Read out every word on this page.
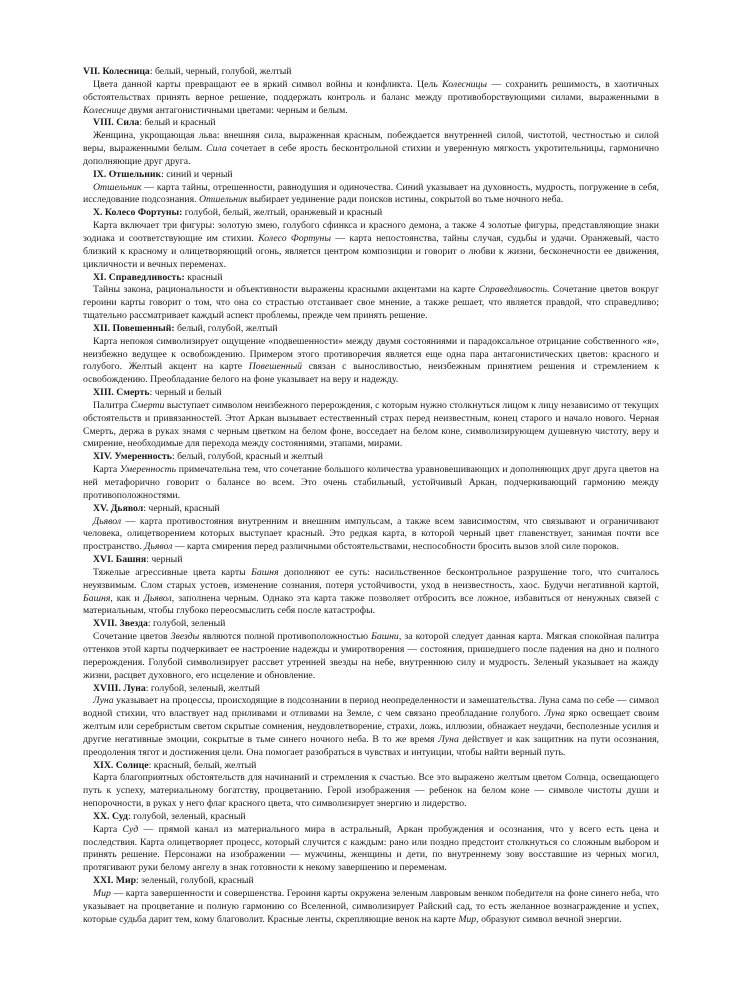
VII. Колесница: белый, черный, голубой, желтый

Цвета данной карты превращают ее в яркий символ войны и конфликта. Цель Колесницы — сохранить решимость, в хаотичных обстоятельствах принять верное решение, поддержать контроль и баланс между противоборствующими силами, выраженными в Колеснице двумя антагонистичными цветами: черным и белым.

VIII. Сила: белый и красный

Женщина, укрощающая льва: внешняя сила, выраженная красным, побеждается внутренней силой, чистотой, честностью и силой веры, выраженными белым. Сила сочетает в себе ярость бесконтрольной стихии и уверенную мягкость укротительницы, гармонично дополняющие друг друга.

IX. Отшельник: синий и черный

Отшельник — карта тайны, отрешенности, равнодушия и одиночества. Синий указывает на духовность, мудрость, погружение в себя, исследование подсознания. Отшельник выбирает уединение ради поисков истины, сокрытой во тьме ночного неба.

X. Колесо Фортуны: голубой, белый, желтый, оранжевый и красный

Карта включает три фигуры: золотую змею, голубого сфинкса и красного демона, а также 4 золотые фигуры, представляющие знаки зодиака и соответствующие им стихии. Колесо Фортуны — карта непостоянства, тайны случая, судьбы и удачи. Оранжевый, часто близкий к красному и олицетворяющий огонь, является центром композиции и говорит о любви к жизни, бесконечности ее движения, цикличности и вечных переменах.

XI. Справедливость: красный

Тайны закона, рациональности и объективности выражены красными акцентами на карте Справедливость. Сочетание цветов вокруг героини карты говорит о том, что она со страстью отстаивает свое мнение, а также решает, что является правдой, что справедливо; тщательно рассматривает каждый аспект проблемы, прежде чем принять решение.

XII. Повешенный: белый, голубой, желтый

Карта непокоя символизирует ощущение «подвешенности» между двумя состояниями и парадоксальное отрицание собственного «я», неизбежно ведущее к освобождению. Примером этого противоречия является еще одна пара антагонистических цветов: красного и голубого. Желтый акцент на карте Повешенный связан с выносливостью, неизбежным принятием решения и стремлением к освобождению. Преобладание белого на фоне указывает на веру и надежду.

XIII. Смерть: черный и белый

Палитра Смерти выступает символом неизбежного перерождения, с которым нужно столкнуться лицом к лицу независимо от текущих обстоятельств и привязанностей. Этот Аркан вызывает естественный страх перед неизвестным, конец старого и начало нового. Черная Смерть, держа в руках знамя с черным цветком на белом фоне, восседает на белом коне, символизирующем душевную чистоту, веру и смирение, необходимые для перехода между состояниями, этапами, мирами.

XIV. Умеренность: белый, голубой, красный и желтый

Карта Умеренность примечательна тем, что сочетание большого количества уравновешивающих и дополняющих друг друга цветов на ней метафорично говорит о балансе во всем. Это очень стабильный, устойчивый Аркан, подчеркивающий гармонию между противоположностями.

XV. Дьявол: черный, красный

Дьявол — карта противостояния внутренним и внешним импульсам, а также всем зависимостям, что связывают и ограничивают человека, олицетворением которых выступает красный. Это редкая карта, в которой черный цвет главенствует, занимая почти все пространство. Дьявол — карта смирения перед различными обстоятельствами, неспособности бросить вызов злой силе пороков.

XVI. Башня: черный

Тяжелые агрессивные цвета карты Башня дополняют ее суть: насильственное бесконтрольное разрушение того, что считалось неуязвимым. Слом старых устоев, изменение сознания, потеря устойчивости, уход в неизвестность, хаос. Будучи негативной картой, Башня, как и Дьявол, заполнена черным. Однако эта карта также позволяет отбросить все ложное, избавиться от ненужных связей с материальным, чтобы глубоко переосмыслить себя после катастрофы.

XVII. Звезда: голубой, зеленый

Сочетание цветов Звезды являются полной противоположностью Башни, за которой следует данная карта. Мягкая спокойная палитра оттенков этой карты подчеркивает ее настроение надежды и умиротворения — состояния, пришедшего после падения на дно и полного перерождения. Голубой символизирует рассвет утренней звезды на небе, внутреннюю силу и мудрость. Зеленый указывает на жажду жизни, расцвет духовного, его исцеление и обновление.

XVIII. Луна: голубой, зеленый, желтый

Луна указывает на процессы, происходящие в подсознании в период неопределенности и замешательства. Луна сама по себе — символ водной стихии, что властвует над приливами и отливами на Земле, с чем связано преобладание голубого. Луна ярко освещает своим желтым или серебристым светом скрытые сомнения, неудовлетворение, страхи, ложь, иллюзии, обнажает неудачи, бесполезные усилия и другие негативные эмоции, сокрытые в тьме синего ночного неба. В то же время Луна действует и как защитник на пути осознания, преодоления тягот и достижения цели. Она помогает разобраться в чувствах и интуиции, чтобы найти верный путь.

XIX. Солнце: красный, белый, желтый

Карта благоприятных обстоятельств для начинаний и стремления к счастью. Все это выражено желтым цветом Солнца, освещающего путь к успеху, материальному богатству, процветанию. Герой изображения — ребенок на белом коне — символе чистоты души и непорочности, в руках у него флаг красного цвета, что символизирует энергию и лидерство.

XX. Суд: голубой, зеленый, красный

Карта Суд — прямой канал из материального мира в астральный, Аркан пробуждения и осознания, что у всего есть цена и последствия. Карта олицетворяет процесс, который случится с каждым: рано или поздно предстоит столкнуться со сложным выбором и принять решение. Персонажи на изображении — мужчины, женщины и дети, по внутреннему зову восставшие из черных могил, протягивают руки белому ангелу в знак готовности к некому завершению и переменам.

XXI. Мир: зеленый, голубой, красный

Мир — карта завершенности и совершенства. Героиня карты окружена зеленым лавровым венком победителя на фоне синего неба, что указывает на процветание и полную гармонию со Вселенной, символизирует Райский сад, то есть желанное вознаграждение и успех, которые судьба дарит тем, кому благоволит. Красные ленты, скрепляющие венок на карте Мир, образуют символ вечной энергии.
